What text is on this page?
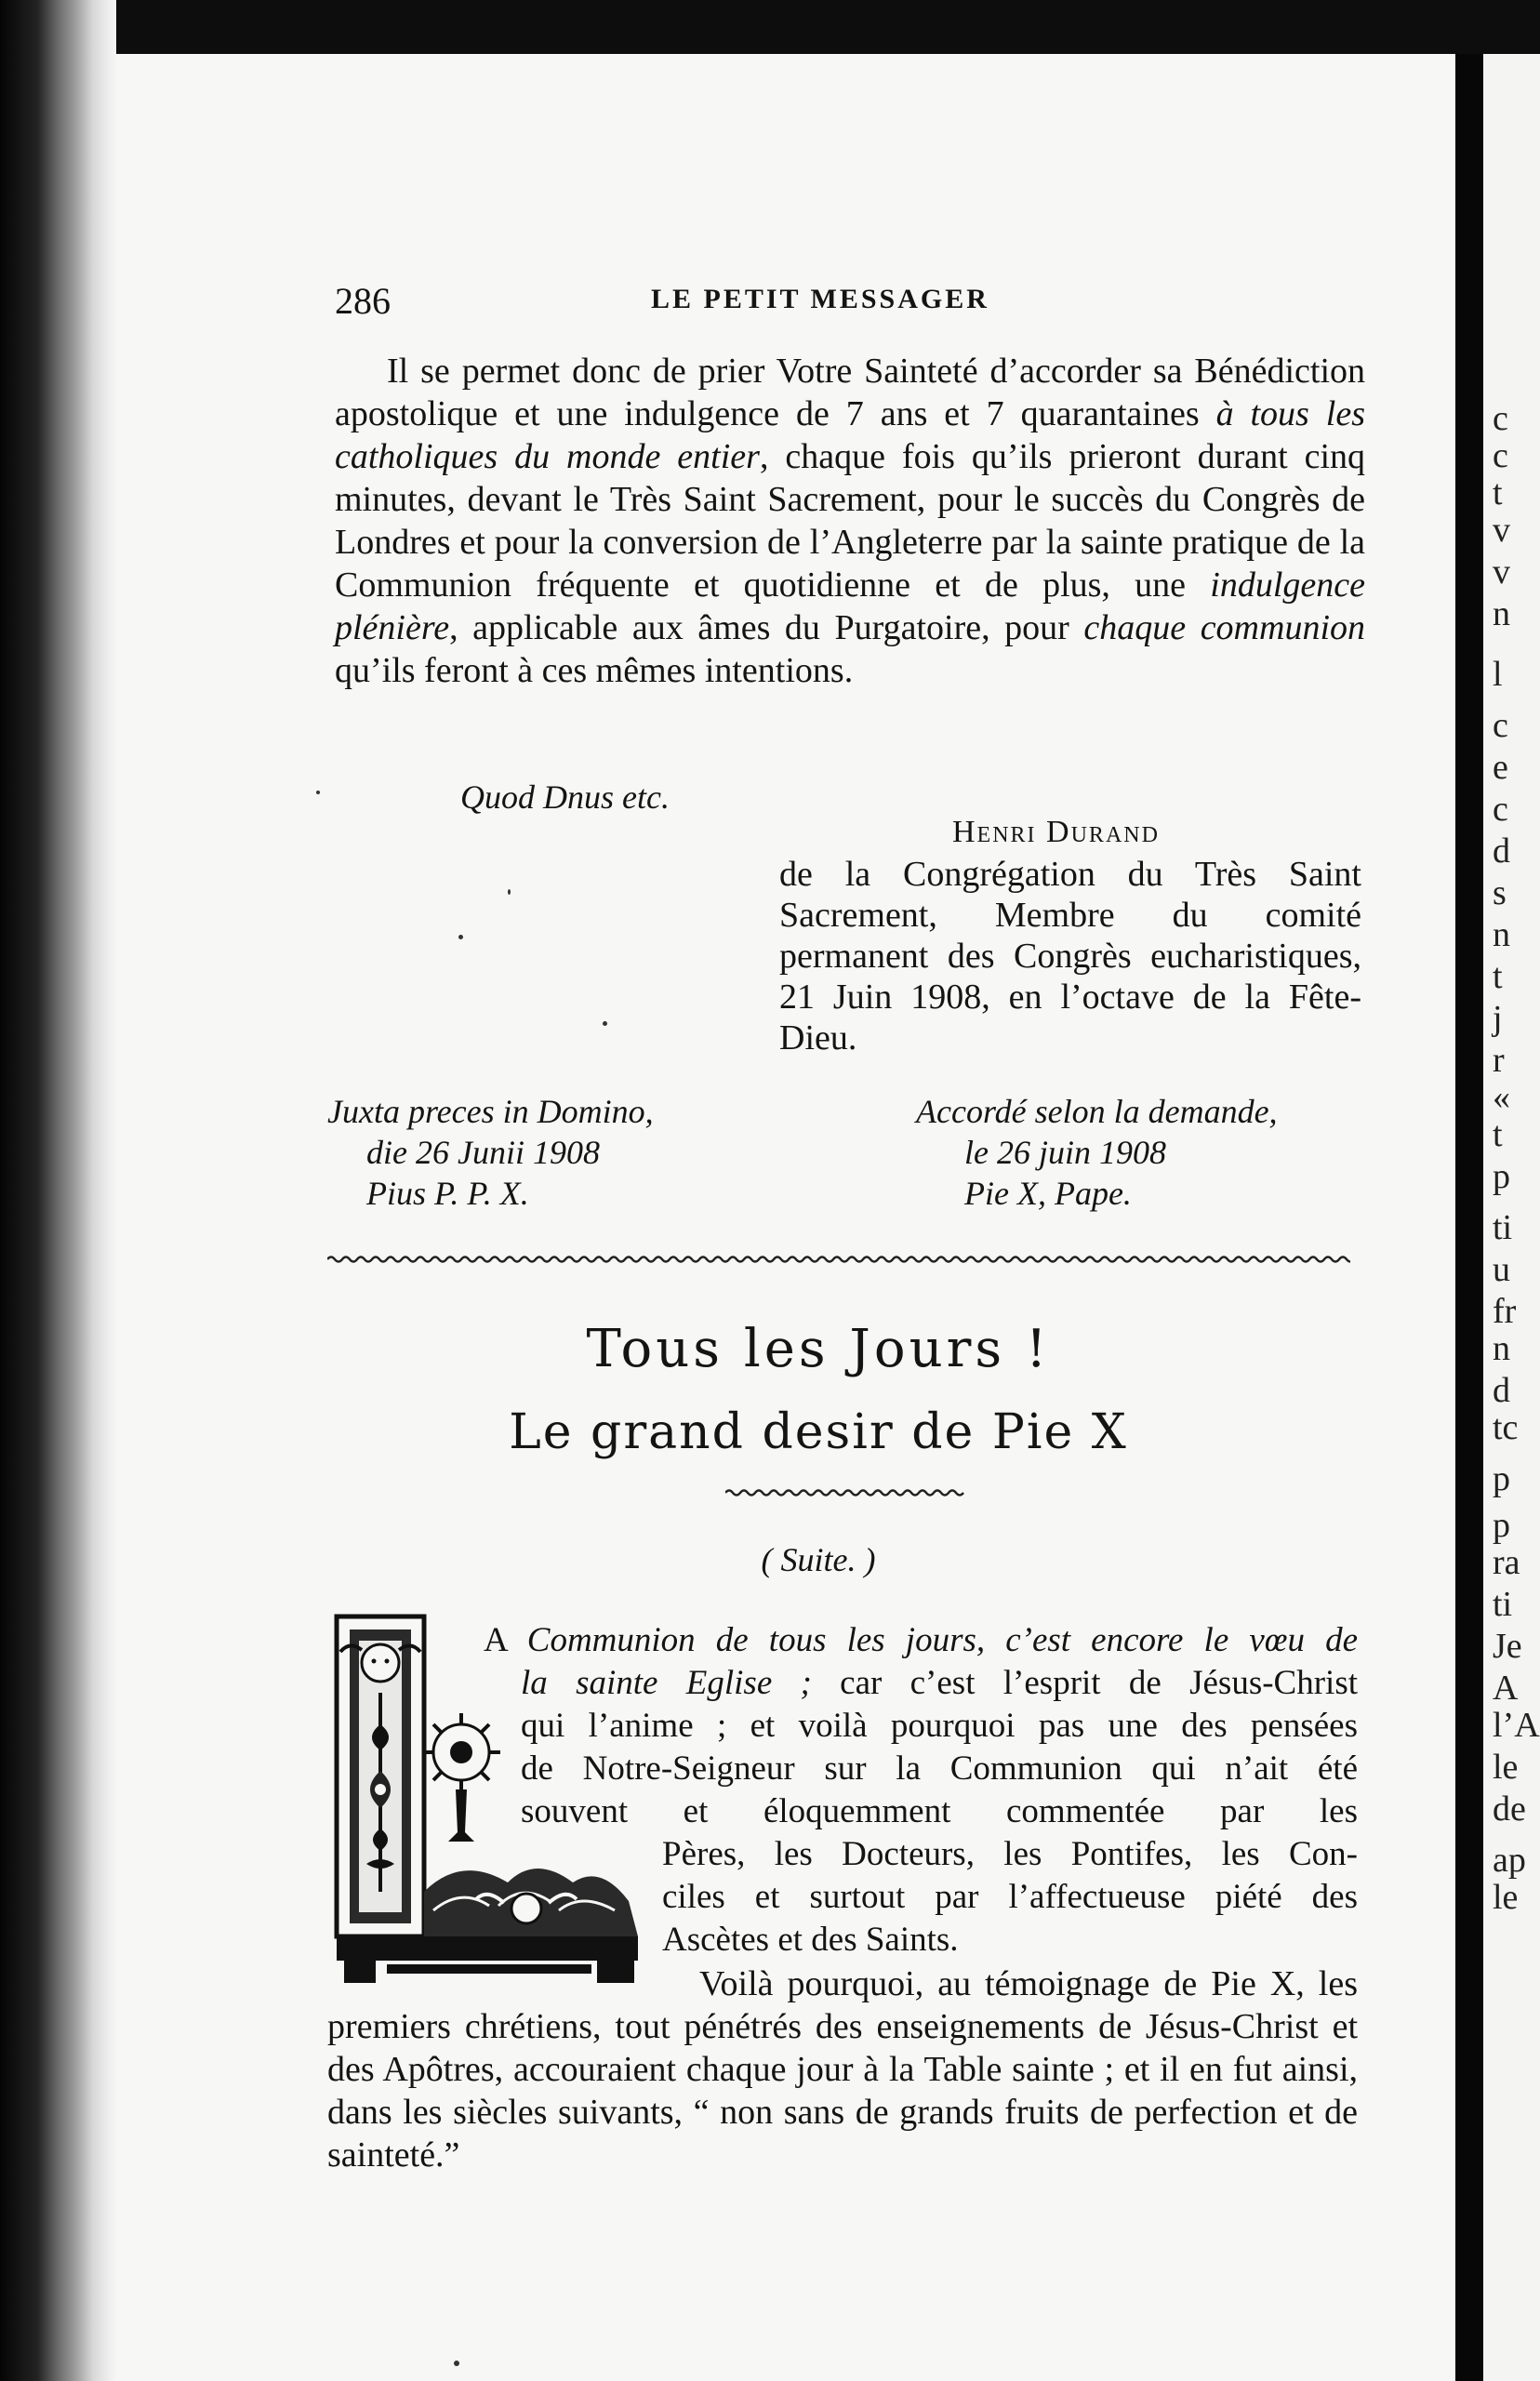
c
c
t
v
v
n
l
c
e
c
d
s
n
t
j
r
«
t
p
ti
u
fr
n
d
tc
p
p
ra
ti
Je
A
l’A
le
de
ap
le
286	LE PETIT MESSAGER
Il se permet donc de prier Votre Sainteté d’accorder sa Bénédiction apostolique et une indulgence de 7 ans et 7 quarantaines à tous les catholiques du monde entier, chaque fois qu’ils prieront durant cinq minutes, devant le Très Saint Sacrement, pour le succès du Congrès de Londres et pour la conversion de l’Angleterre par la sainte pratique de la Communion fréquente et quotidienne et de plus, une indulgence plénière, applicable aux âmes du Purgatoire, pour chaque communion qu’ils feront à ces mêmes intentions.
Quod Dnus etc.
Henri Durand
de la Congrégation du Très Saint Sacrement, Membre du comité permanent des Congrès eucharistiques, 21 Juin 1908, en l’octave de la Fête-Dieu.
Juxta preces in Domino,
die 26 Junii 1908
Pius P. P. X.
Accordé selon la demande,
le 26 juin 1908
Pie X, Pape.
Tous les Jours !
Le grand desir de Pie X
( Suite. )
A Communion de tous les jours, c’est encore le vœu de
la sainte Eglise ; car c’est l’esprit de Jésus-Christ
qui l’anime ; et voilà pourquoi pas une des pensées
de Notre-Seigneur sur la Communion qui n’ait été
souvent et éloquemment commentée par les
Pères, les Docteurs, les Pontifes, les Con-
ciles et surtout par l’affectueuse piété des
Ascètes et des Saints.
Voilà pourquoi, au témoignage de Pie X, les premiers chrétiens, tout pénétrés des enseignements de Jésus-Christ et des Apôtres, accouraient chaque jour à la Table sainte ; et il en fut ainsi, dans les siècles suivants, “ non sans de grands fruits de perfection et de sainteté.”
